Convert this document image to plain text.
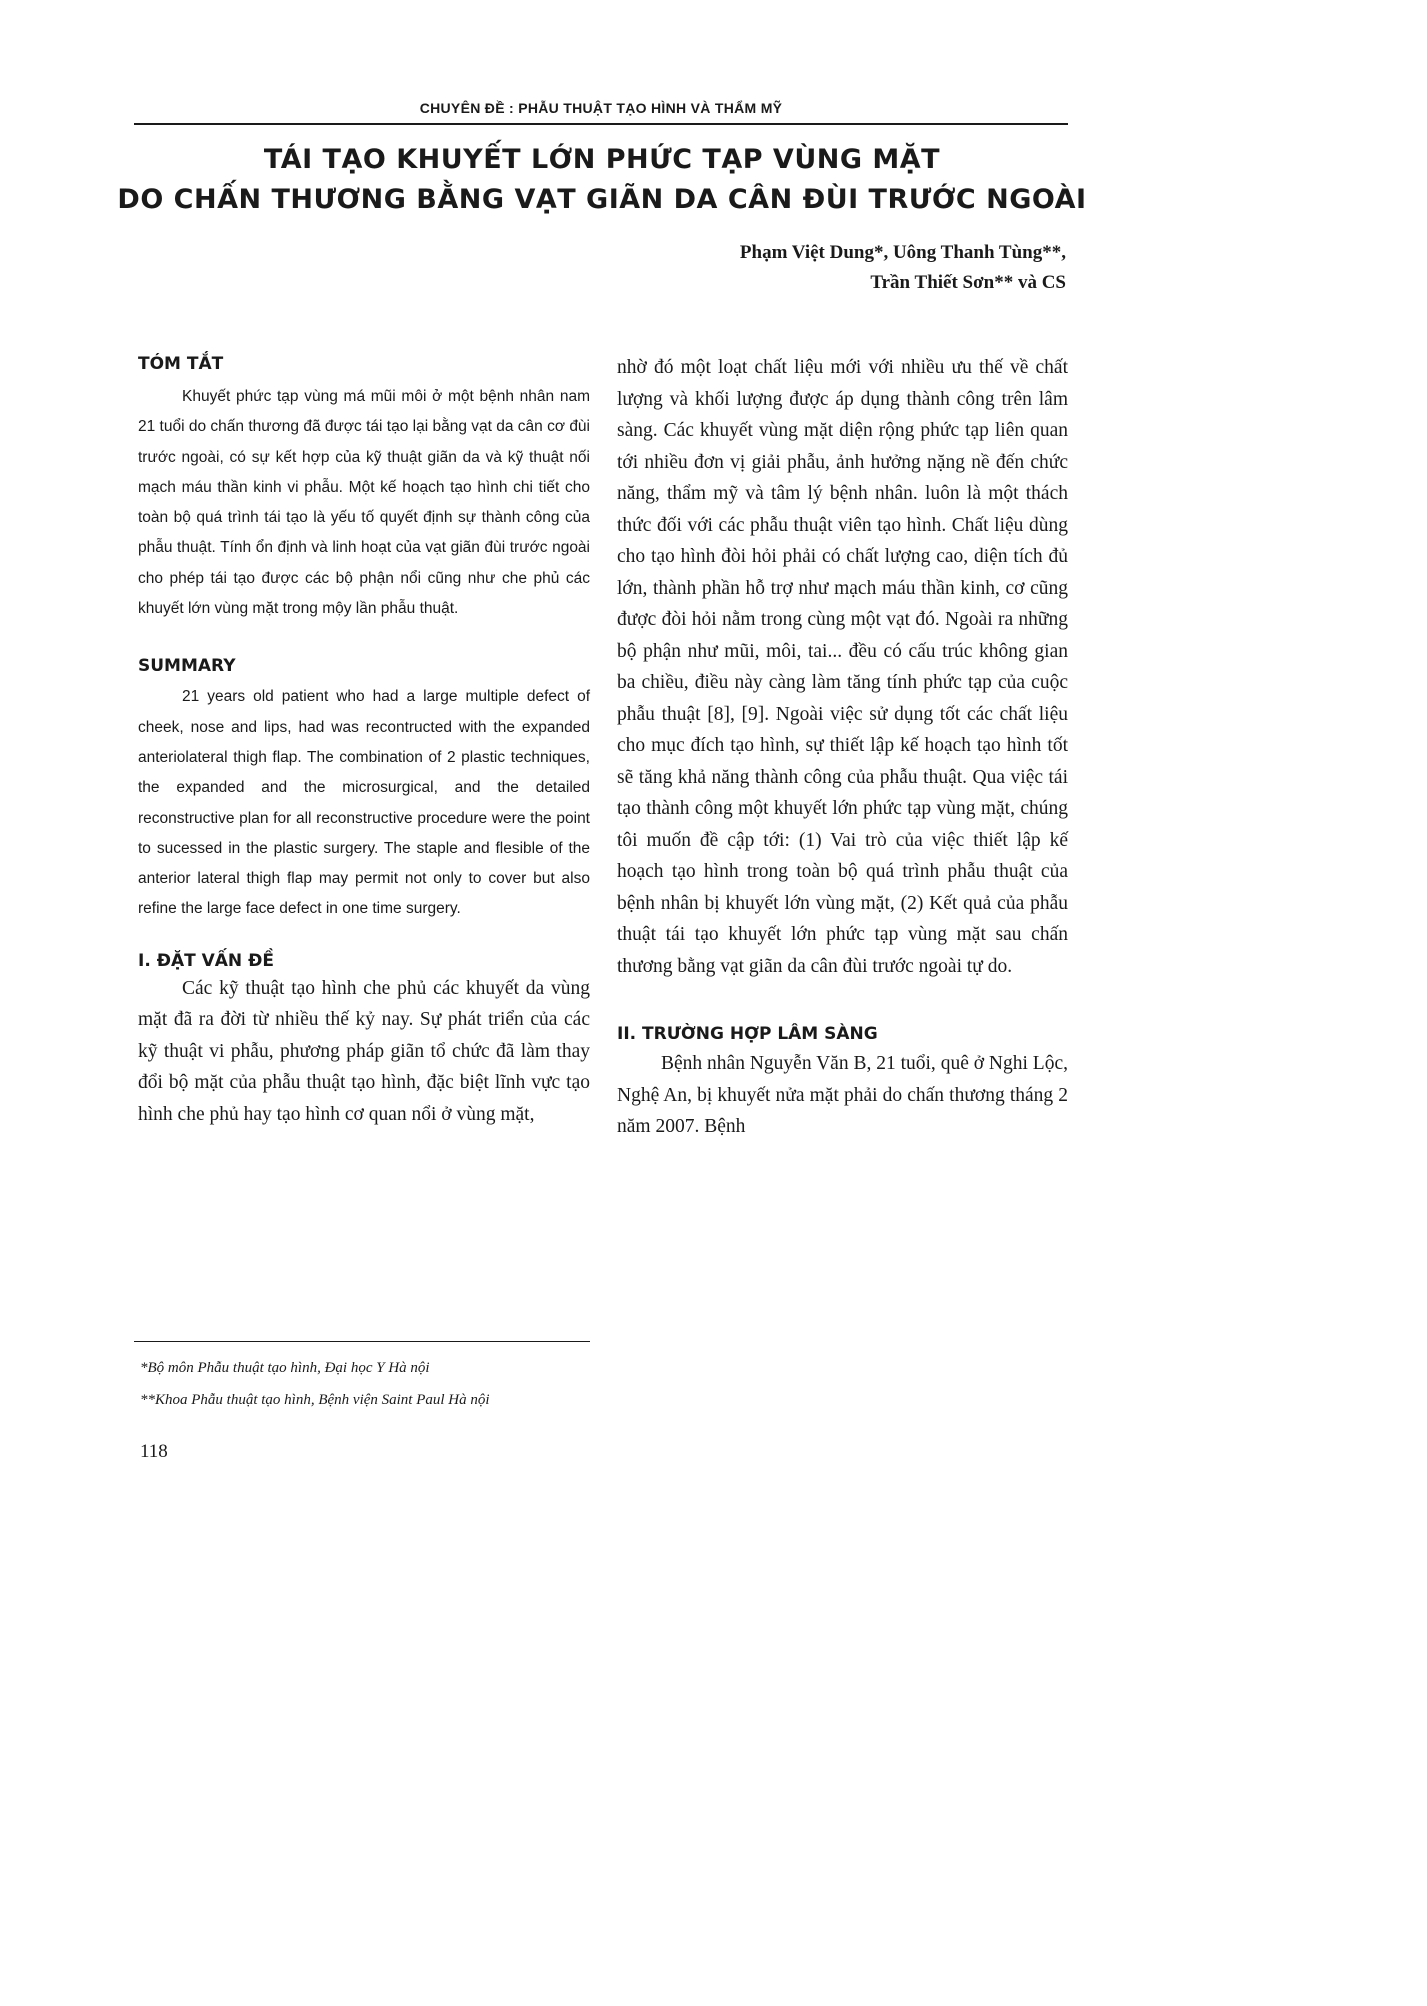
CHUYÊN ĐỀ : PHẪU THUẬT TẠO HÌNH VÀ THẨM MỸ
TÁI TẠO KHUYẾT LỚN PHỨC TẠP VÙNG MẶT
DO CHẤN THƯƠNG BẰNG VẠT GIÃN DA CÂN ĐÙI TRƯỚC NGOÀI
Phạm Việt Dung*, Uông Thanh Tùng**,
Trần Thiết Sơn** và CS
TÓM TẮT

Khuyết phức tạp vùng má mũi môi ở một bệnh nhân nam 21 tuổi do chấn thương đã được tái tạo lại bằng vạt da cân cơ đùi trước ngoài, có sự kết hợp của kỹ thuật giãn da và kỹ thuật nối mạch máu thần kinh vi phẫu. Một kế hoạch tạo hình chi tiết cho toàn bộ quá trình tái tạo là yếu tố quyết định sự thành công của phẫu thuật. Tính ổn định và linh hoạt của vạt giãn đùi trước ngoài cho phép tái tạo được các bộ phận nổi cũng như che phủ các khuyết lớn vùng mặt trong mộy lần phẫu thuật.

SUMMARY

21 years old patient who had a large multiple defect of cheek, nose and lips, had was recontructed with the expanded anteriolateral thigh flap. The combination of 2 plastic techniques, the expanded and the microsurgical, and the detailed reconstructive plan for all reconstructive procedure were the point to sucessed in the plastic surgery. The staple and flesible of the anterior lateral thigh flap may permit not only to cover but also refine the large face defect in one time surgery.

I. ĐẶT VẤN ĐỀ

Các kỹ thuật tạo hình che phủ các khuyết da vùng mặt đã ra đời từ nhiều thế kỷ nay. Sự phát triển của các kỹ thuật vi phẫu, phương pháp giãn tổ chức đã làm thay đổi bộ mặt của phẫu thuật tạo hình, đặc biệt lĩnh vực tạo hình che phủ hay tạo hình cơ quan nổi ở vùng mặt,

nhờ đó một loạt chất liệu mới với nhiều ưu thế về chất lượng và khối lượng được áp dụng thành công trên lâm sàng. Các khuyết vùng mặt diện rộng phức tạp liên quan tới nhiều đơn vị giải phẫu, ảnh hưởng nặng nề đến chức năng, thẩm mỹ và tâm lý bệnh nhân. luôn là một thách thức đối với các phẫu thuật viên tạo hình. Chất liệu dùng cho tạo hình đòi hỏi phải có chất lượng cao, diện tích đủ lớn, thành phần hỗ trợ như mạch máu thần kinh, cơ cũng được đòi hỏi nằm trong cùng một vạt đó. Ngoài ra những bộ phận như mũi, môi, tai... đều có cấu trúc không gian ba chiều, điều này càng làm tăng tính phức tạp của cuộc phẫu thuật [8], [9]. Ngoài việc sử dụng tốt các chất liệu cho mục đích tạo hình, sự thiết lập kế hoạch tạo hình tốt sẽ tăng khả năng thành công của phẫu thuật. Qua việc tái tạo thành công một khuyết lớn phức tạp vùng mặt, chúng tôi muốn đề cập tới: (1) Vai trò của việc thiết lập kế hoạch tạo hình trong toàn bộ quá trình phẫu thuật của bệnh nhân bị khuyết lớn vùng mặt, (2) Kết quả của phẫu thuật tái tạo khuyết lớn phức tạp vùng mặt sau chấn thương bằng vạt giãn da cân đùi trước ngoài tự do.

II. TRƯỜNG HỢP LÂM SÀNG

Bệnh nhân Nguyễn Văn B, 21 tuổi, quê ở Nghi Lộc, Nghệ An, bị khuyết nửa mặt phải do chấn thương tháng 2 năm 2007. Bệnh

*Bộ môn Phẫu thuật tạo hình, Đại học Y Hà nội
**Khoa Phẫu thuật tạo hình, Bệnh viện Saint Paul Hà nội
118
